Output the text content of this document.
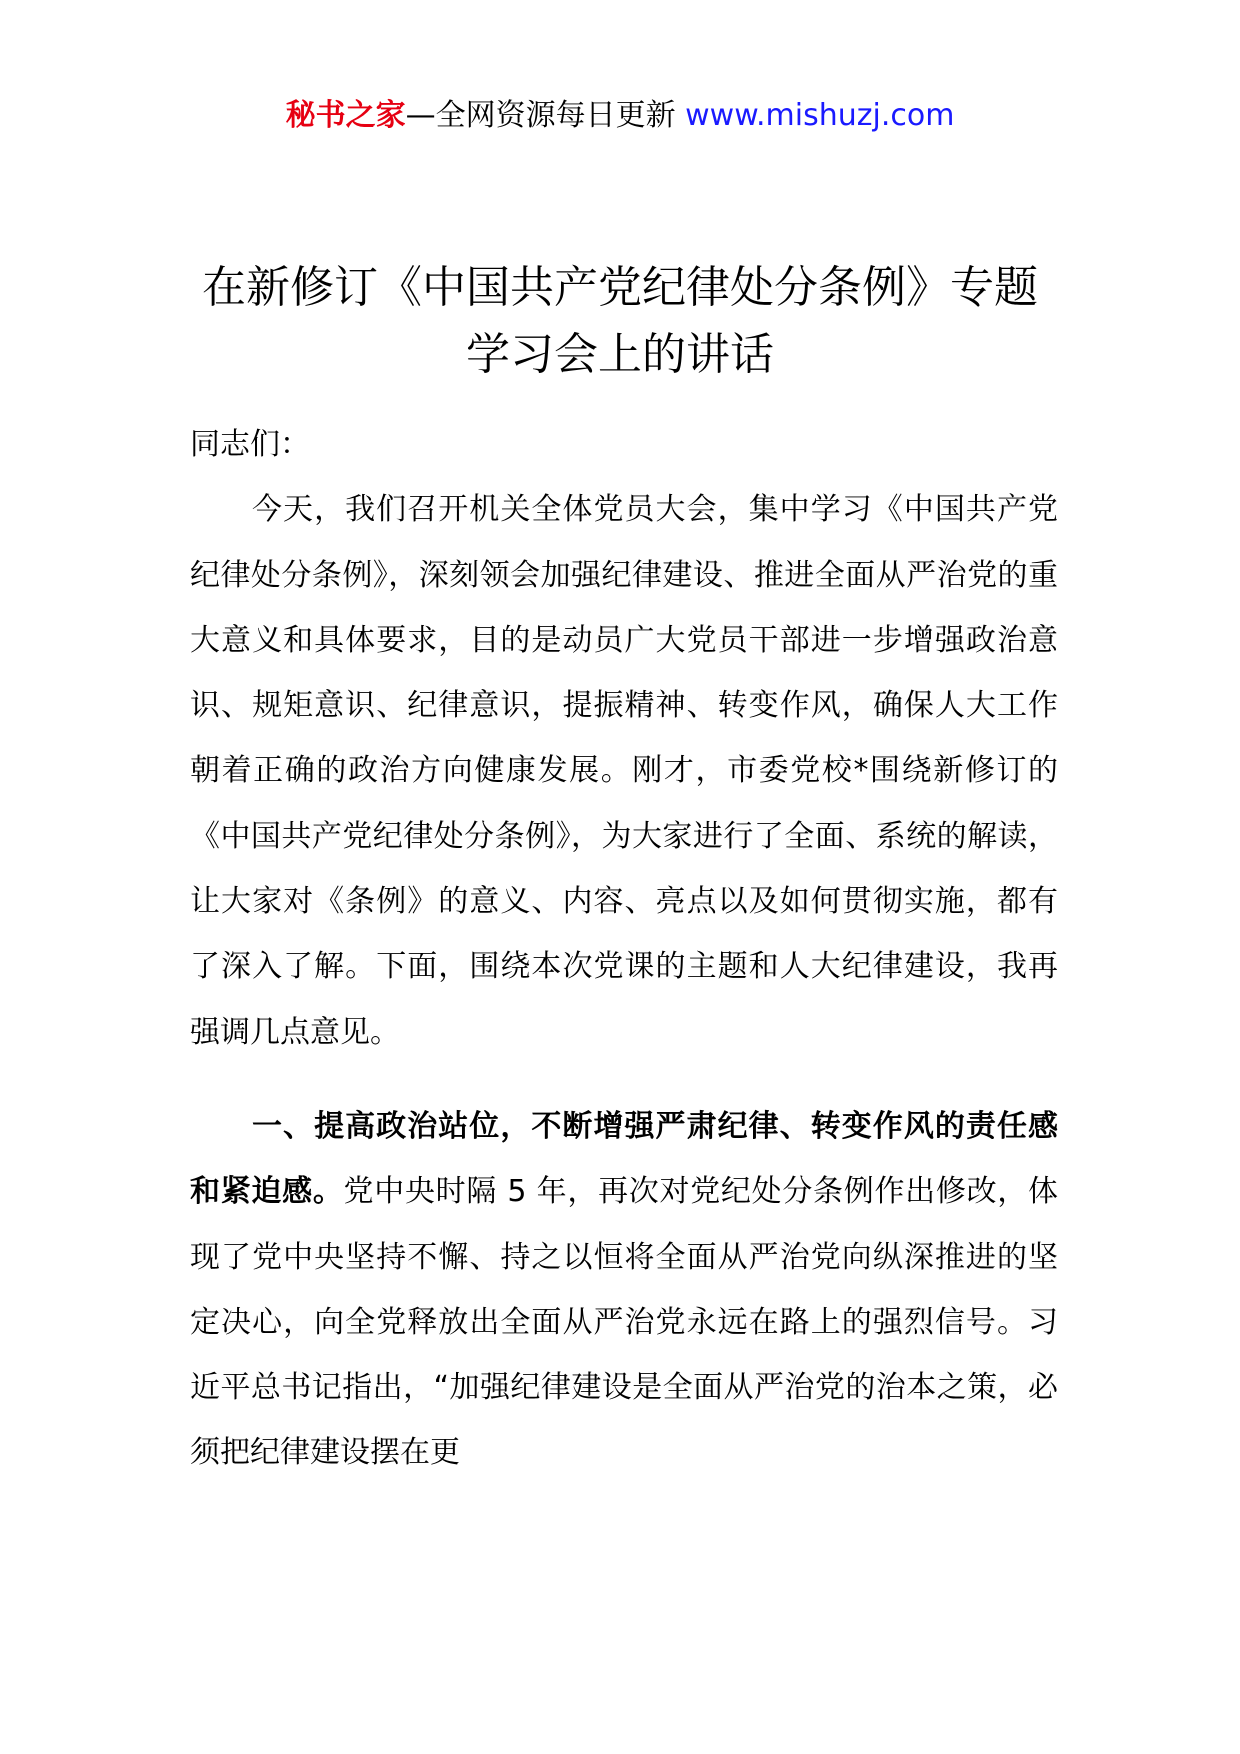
秘书之家—全网资源每日更新 www.mishuzj.com
在新修订《中国共产党纪律处分条例》专题学习会上的讲话

同志们：

今天，我们召开机关全体党员大会，集中学习《中国共产党纪律处分条例》，深刻领会加强纪律建设、推进全面从严治党的重大意义和具体要求，目的是动员广大党员干部进一步增强政治意识、规矩意识、纪律意识，提振精神、转变作风，确保人大工作朝着正确的政治方向健康发展。刚才，市委党校*围绕新修订的《中国共产党纪律处分条例》，为大家进行了全面、系统的解读，让大家对《条例》的意义、内容、亮点以及如何贯彻实施，都有了深入了解。下面，围绕本次党课的主题和人大纪律建设，我再强调几点意见。

一、提高政治站位，不断增强严肃纪律、转变作风的责任感和紧迫感。党中央时隔 5 年，再次对党纪处分条例作出修改，体现了党中央坚持不懈、持之以恒将全面从严治党向纵深推进的坚定决心，向全党释放出全面从严治党永远在路上的强烈信号。习近平总书记指出，“加强纪律建设是全面从严治党的治本之策，必须把纪律建设摆在更
